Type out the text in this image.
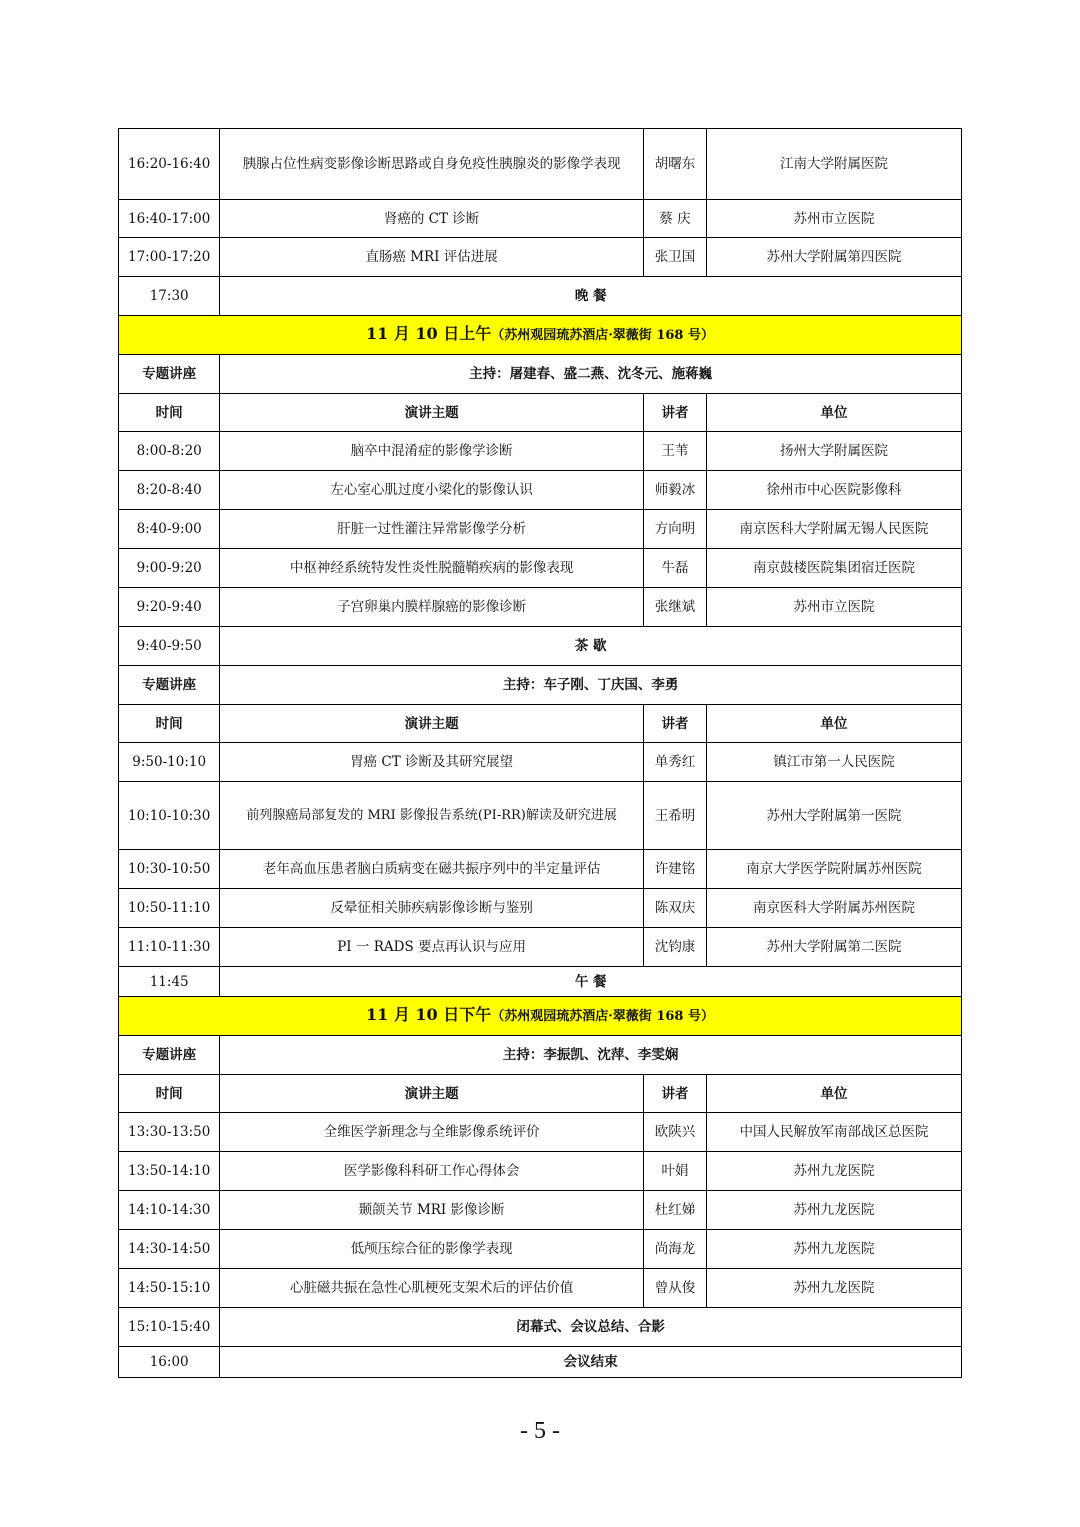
16:20-16:40	胰腺占位性病变影像诊断思路或自身免疫性胰腺炎的影像学表现	胡曙东	江南大学附属医院
16:40-17:00	肾癌的 CT 诊断	蔡 庆	苏州市立医院
17:00-17:20	直肠癌 MRI 评估进展	张卫国	苏州大学附属第四医院
17:30	晚 餐		
11 月 10 日上午（苏州观园琉苏酒店·翠薇街 168 号）			
专题讲座	主持：屠建春、盛二燕、沈冬元、施蒋巍		
时间	演讲主题	讲者	单位
8:00-8:20	脑卒中混淆症的影像学诊断	王苇	扬州大学附属医院
8:20-8:40	左心室心肌过度小梁化的影像认识	师毅冰	徐州市中心医院影像科
8:40-9:00	肝脏一过性灌注异常影像学分析	方向明	南京医科大学附属无锡人民医院
9:00-9:20	中枢神经系统特发性炎性脱髓鞘疾病的影像表现	牛磊	南京鼓楼医院集团宿迁医院
9:20-9:40	子宫卵巢内膜样腺癌的影像诊断	张继斌	苏州市立医院
9:40-9:50	茶 歇		
专题讲座	主持：车子刚、丁庆国、李勇		
时间	演讲主题	讲者	单位
9:50-10:10	胃癌 CT 诊断及其研究展望	单秀红	镇江市第一人民医院
10:10-10:30	前列腺癌局部复发的 MRI 影像报告系统(PI-RR)解读及研究进展	王希明	苏州大学附属第一医院
10:30-10:50	老年高血压患者脑白质病变在磁共振序列中的半定量评估	许建铭	南京大学医学院附属苏州医院
10:50-11:10	反晕征相关肺疾病影像诊断与鉴别	陈双庆	南京医科大学附属苏州医院
11:10-11:30	PI 一 RADS 要点再认识与应用	沈钧康	苏州大学附属第二医院
11:45	午 餐		
11 月 10 日下午（苏州观园琉苏酒店·翠薇街 168 号）			
专题讲座	主持：李振凯、沈萍、李雯娴		
时间	演讲主题	讲者	单位
13:30-13:50	全维医学新理念与全维影像系统评价	欧陕兴	中国人民解放军南部战区总医院
13:50-14:10	医学影像科科研工作心得体会	叶娟	苏州九龙医院
14:10-14:30	颞颌关节 MRI 影像诊断	杜红娣	苏州九龙医院
14:30-14:50	低颅压综合征的影像学表现	尚海龙	苏州九龙医院
14:50-15:10	心脏磁共振在急性心肌梗死支架术后的评估价值	曾从俊	苏州九龙医院
15:10-15:40	闭幕式、会议总结、合影		
16:00	会议结束		
- 5 -
